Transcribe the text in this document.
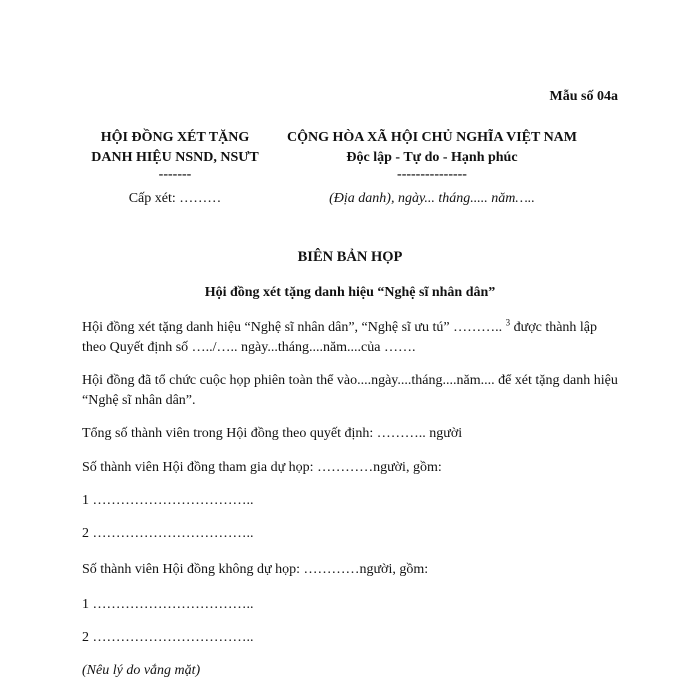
Mẫu số 04a
HỘI ĐỒNG XÉT TẶNG
DANH HIỆU NSND, NSƯT
-------
CỘNG HÒA XÃ HỘI CHỦ NGHĨA VIỆT NAM
Độc lập - Tự do - Hạnh phúc
---------------
Cấp xét: ………	(Địa danh), ngày... tháng..... năm…..
BIÊN BẢN HỌP
Hội đồng xét tặng danh hiệu “Nghệ sĩ nhân dân”
Hội đồng xét tặng danh hiệu “Nghệ sĩ nhân dân”, “Nghệ sĩ ưu tú” ……….. $^3$ được thành lập theo Quyết định số …../….. ngày...tháng....năm....của …….
Hội đồng đã tổ chức cuộc họp phiên toàn thể vào....ngày....tháng....năm.... để xét tặng danh hiệu “Nghệ sĩ nhân dân”.
Tổng số thành viên trong Hội đồng theo quyết định: ……….. người
Số thành viên Hội đồng tham gia dự họp: …………người, gồm:
1 ……………………………..
2 ……………………………..
Số thành viên Hội đồng không dự họp: …………người, gồm:
1 ……………………………..
2 ……………………………..
(Nêu lý do vắng mặt)
